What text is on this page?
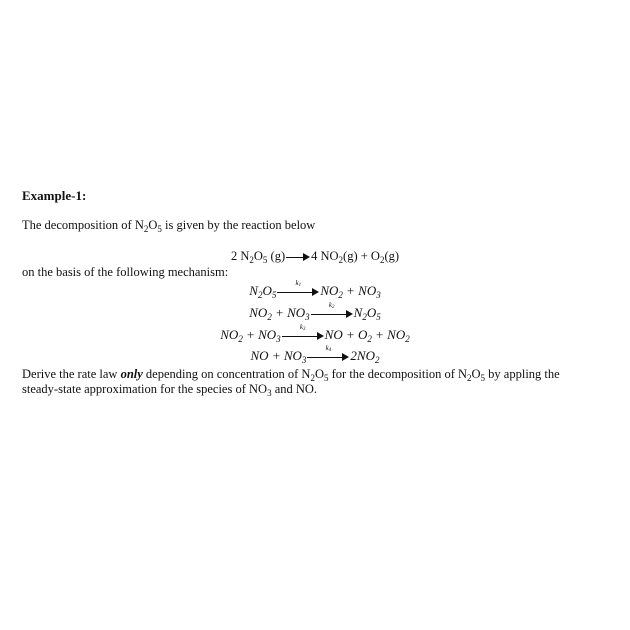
Example-1:
The decomposition of $N_2O_5$ is given by the reaction below
2 $N_2O_5$ (g) 4 $NO_2(g) + O_2(g)$
on the basis of the following mechanism:
$N_2O_5$
$k_1$	$NO_2 + NO_3$
$NO_2 + NO_3$
$k_2$	$N_2O_5$
$NO_2 + NO_3$
$k_3$	NO + $O_2 + NO_2$
NO + $NO_3$
$k_4$	$2NO_2$
Derive the rate law only depending on concentration of $N_2O_5$ for the decomposition of $N_2O_5$ by appling the
steady-state approximation for the species of $NO_3$ and NO.
